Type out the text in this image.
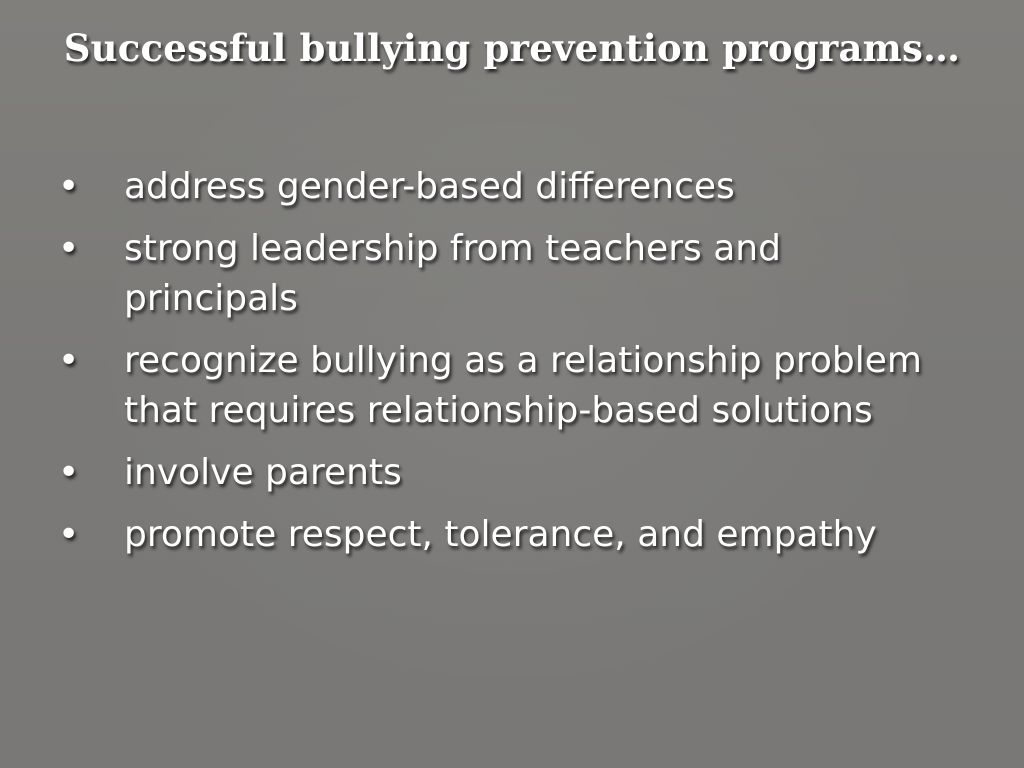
Successful bullying prevention programs…
•	address gender-based differences
•	strong leadership from teachers and principals
•	recognize bullying as a relationship problem that requires relationship-based solutions
•	involve parents
•	promote respect, tolerance, and empathy
